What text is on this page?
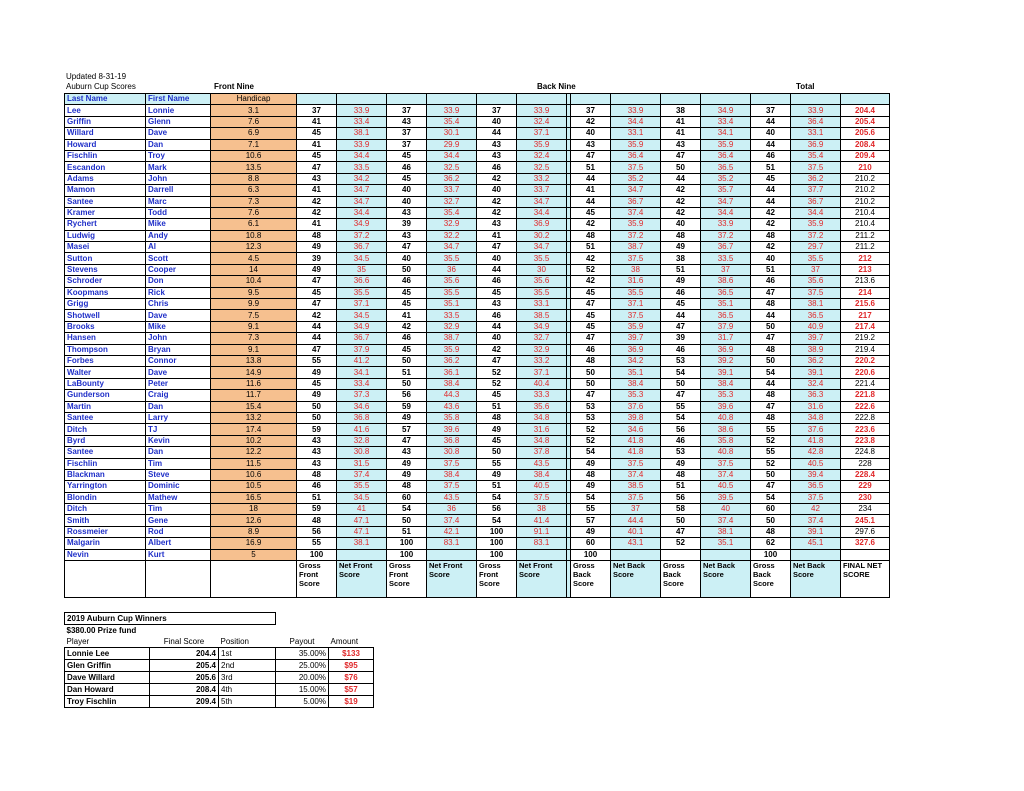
Updated 8-31-19
Auburn Cup Scores	Front Nine	Back Nine	Total
Last Name	First Name	Handicap														
Lee	Lonnie	3.1	37	33.9	37	33.9	37	33.9		37	33.9	38	34.9	37	33.9	204.4
Griffin	Glenn	7.6	41	33.4	43	35.4	40	32.4		42	34.4	41	33.4	44	36.4	205.4
Willard	Dave	6.9	45	38.1	37	30.1	44	37.1		40	33.1	41	34.1	40	33.1	205.6
Howard	Dan	7.1	41	33.9	37	29.9	43	35.9		43	35.9	43	35.9	44	36.9	208.4
Fischlin	Troy	10.6	45	34.4	45	34.4	43	32.4		47	36.4	47	36.4	46	35.4	209.4
Escandon	Mark	13.5	47	33.5	46	32.5	46	32.5		51	37.5	50	36.5	51	37.5	210
Adams	John	8.8	43	34.2	45	36.2	42	33.2		44	35.2	44	35.2	45	36.2	210.2
Mamon	Darrell	6.3	41	34.7	40	33.7	40	33.7		41	34.7	42	35.7	44	37.7	210.2
Santee	Marc	7.3	42	34.7	40	32.7	42	34.7		44	36.7	42	34.7	44	36.7	210.2
Kramer	Todd	7.6	42	34.4	43	35.4	42	34.4		45	37.4	42	34.4	42	34.4	210.4
Rychert	Mike	6.1	41	34.9	39	32.9	43	36.9		42	35.9	40	33.9	42	35.9	210.4
Ludwig	Andy	10.8	48	37.2	43	32.2	41	30.2		48	37.2	48	37.2	48	37.2	211.2
Masei	Al	12.3	49	36.7	47	34.7	47	34.7		51	38.7	49	36.7	42	29.7	211.2
Sutton	Scott	4.5	39	34.5	40	35.5	40	35.5		42	37.5	38	33.5	40	35.5	212
Stevens	Cooper	14	49	35	50	36	44	30		52	38	51	37	51	37	213
Schroder	Don	10.4	47	36.6	46	35.6	46	35.6		42	31.6	49	38.6	46	35.6	213.6
Koopmans	Rick	9.5	45	35.5	45	35.5	45	35.5		45	35.5	46	36.5	47	37.5	214
Grigg	Chris	9.9	47	37.1	45	35.1	43	33.1		47	37.1	45	35.1	48	38.1	215.6
Shotwell	Dave	7.5	42	34.5	41	33.5	46	38.5		45	37.5	44	36.5	44	36.5	217
Brooks	Mike	9.1	44	34.9	42	32.9	44	34.9		45	35.9	47	37.9	50	40.9	217.4
Hansen	John	7.3	44	36.7	46	38.7	40	32.7		47	39.7	39	31.7	47	39.7	219.2
Thompson	Bryan	9.1	47	37.9	45	35.9	42	32.9		46	36.9	46	36.9	48	38.9	219.4
Forbes	Connor	13.8	55	41.2	50	36.2	47	33.2		48	34.2	53	39.2	50	36.2	220.2
Walter	Dave	14.9	49	34.1	51	36.1	52	37.1		50	35.1	54	39.1	54	39.1	220.6
LaBounty	Peter	11.6	45	33.4	50	38.4	52	40.4		50	38.4	50	38.4	44	32.4	221.4
Gunderson	Craig	11.7	49	37.3	56	44.3	45	33.3		47	35.3	47	35.3	48	36.3	221.8
Martin	Dan	15.4	50	34.6	59	43.6	51	35.6		53	37.6	55	39.6	47	31.6	222.6
Santee	Larry	13.2	50	36.8	49	35.8	48	34.8		53	39.8	54	40.8	48	34.8	222.8
Ditch	TJ	17.4	59	41.6	57	39.6	49	31.6		52	34.6	56	38.6	55	37.6	223.6
Byrd	Kevin	10.2	43	32.8	47	36.8	45	34.8		52	41.8	46	35.8	52	41.8	223.8
Santee	Dan	12.2	43	30.8	43	30.8	50	37.8		54	41.8	53	40.8	55	42.8	224.8
Fischlin	Tim	11.5	43	31.5	49	37.5	55	43.5		49	37.5	49	37.5	52	40.5	228
Blackman	Steve	10.6	48	37.4	49	38.4	49	38.4		48	37.4	48	37.4	50	39.4	228.4
Yarrington	Dominic	10.5	46	35.5	48	37.5	51	40.5		49	38.5	51	40.5	47	36.5	229
Blondin	Mathew	16.5	51	34.5	60	43.5	54	37.5		54	37.5	56	39.5	54	37.5	230
Ditch	Tim	18	59	41	54	36	56	38		55	37	58	40	60	42	234
Smith	Gene	12.6	48	47.1	50	37.4	54	41.4		57	44.4	50	37.4	50	37.4	245.1
Rossmeier	Rod	8.9	56	47.1	51	42.1	100	91.1		49	40.1	47	38.1	48	39.1	297.6
Malgarin	Albert	16.9	55	38.1	100	83.1	100	83.1		60	43.1	52	35.1	62	45.1	327.6
Nevin	Kurt	5	100		100		100			100				100		
			Gross Front Score	Net Front Score	Gross Front Score	Net Front Score	Gross Front Score	Net Front Score		Gross Back Score	Net Back Score	Gross Back Score	Net Back Score	Gross Back Score	Net Back Score	FINAL NET SCORE
2019 Auburn Cup Winners				
$380.00 Prize fund				
Player	Final Score	Position	Payout	Amount
Lonnie Lee	204.4	1st	35.00%	$133
Glen Griffin	205.4	2nd	25.00%	$95
Dave Willard	205.6	3rd	20.00%	$76
Dan Howard	208.4	4th	15.00%	$57
Troy Fischlin	209.4	5th	5.00%	$19
